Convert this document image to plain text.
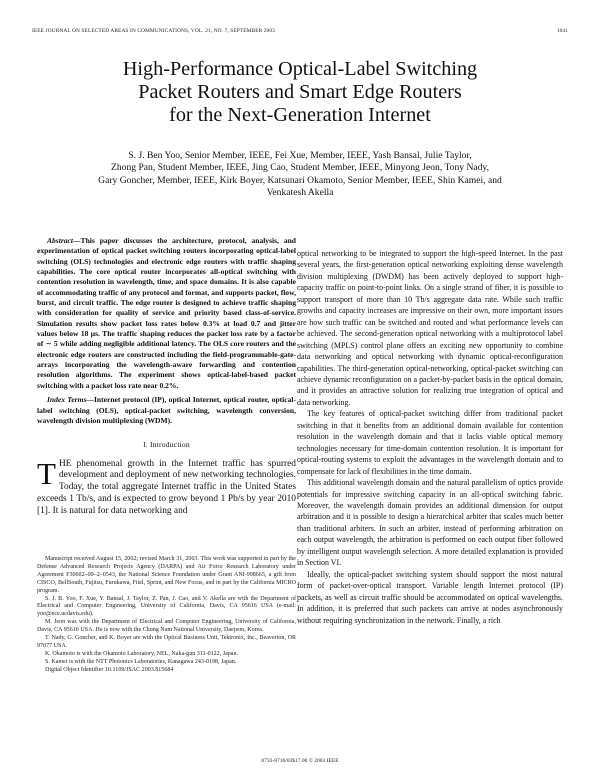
IEEE JOURNAL ON SELECTED AREAS IN COMMUNICATIONS, VOL. 21, NO. 7, SEPTEMBER 2003	1041
High-Performance Optical-Label Switching
Packet Routers and Smart Edge Routers
for the Next-Generation Internet
S. J. Ben Yoo, Senior Member, IEEE, Fei Xue, Member, IEEE, Yash Bansal, Julie Taylor,
Zhong Pan, Student Member, IEEE, Jing Cao, Student Member, IEEE, Minyong Jeon, Tony Nady,
Gary Goncher, Member, IEEE, Kirk Boyer, Katsunari Okamoto, Senior Member, IEEE, Shin Kamei, and
Venkatesh Akella

Abstract—This paper discusses the architecture, protocol, analysis, and experimentation of optical packet switching routers incorporating optical-label switching (OLS) technologies and electronic edge routers with traffic shaping capabilities. The core optical router incorporates all-optical switching with contention resolution in wavelength, time, and space domains. It is also capable of accommodating traffic of any protocol and format, and supports packet, flow, burst, and circuit traffic. The edge router is designed to achieve traffic shaping with consideration for quality of service and priority based class-of-service. Simulation results show packet loss rates below 0.3% at load 0.7 and jitter values below 18 μs. The traffic shaping reduces the packet loss rate by a factor of ∼ 5 while adding negligible additional latency. The OLS core routers and the electronic edge routers are constructed including the field-programmable-gate-arrays incorporating the wavelength-aware forwarding and contention resolution algorithms. The experiment shows optical-label-based packet switching with a packet loss rate near 0.2%.

Index Terms—Internet protocol (IP), optical Internet, optical router, optical-label switching (OLS), optical-packet switching, wavelength conversion, wavelength division multiplexing (WDM).

I. Introduction

THE phenomenal growth in the Internet traffic has spurred development and deployment of new networking technologies. Today, the total aggregate Internet traffic in the United States exceeds 1 Tb/s, and is expected to grow beyond 1 Pb/s by year 2010 [1]. It is natural for data networking and

Manuscript received August 15, 2002; revised March 31, 2003. This work was supported in part by the Defense Advanced Research Projects Agency (DARPA) and Air Force Research Laboratory under Agreement F30602–00–2–0543, the National Science Foundation under Grant ANI-998665, a gift from CISCO, BellSouth, Fujitsu, Furukawa, Fitel, Sprint, and New Focus, and in part by the California MICRO program.

S. J. B. Yoo, F. Xue, Y. Bansal, J. Taylor, Z. Pan, J. Cao, and V. Akella are with the Department of Electrical and Computer Engineering, University of California, Davis, CA 95616 USA (e-mail: yoo@ece.ucdavis.edu).

M. Jeon was with the Department of Electrical and Computer Engineering, University of California, Davis, CA 95616 USA. He is now with the Chung Nam National University, Daejeon, Korea.

T. Nady, G. Goncher, and K. Boyer are with the Optical Business Unit, Tektronix, Inc., Beaverton, OR 97077 USA.

K. Okamoto is with the Okamoto Laboratory, NEL, Naka-gun 311-0122, Japan.

S. Kamei is with the NTT Photonics Laboratories, Kanagawa 243-0198, Japan.

Digital Object Identifier 10.1109/JSAC.2003.815684

optical networking to be integrated to support the high-speed Internet. In the past several years, the first-generation optical networking exploiting dense wavelength division multiplexing (DWDM) has been actively deployed to support high-capacity traffic on point-to-point links. On a single strand of fiber, it is possible to support transport of more than 10 Tb/s aggregate data rate. While such traffic growths and capacity increases are impressive on their own, more important issues are how such traffic can be switched and routed and what performance levels can be achieved. The second-generation optical networking with a multiprotocol label switching (MPLS) control plane offers an exciting new opportunity to combine data networking and optical networking with dynamic optical-reconfiguration capabilities. The third-generation optical-networking, optical-packet switching can achieve dynamic reconfiguration on a packet-by-packet basis in the optical domain, and it provides an attractive solution for realizing true integration of optical and data networking.

The key features of optical-packet switching differ from traditional packet switching in that it benefits from an additional domain available for contention resolution in the wavelength domain and that it lacks viable optical memory technologies necessary for time-domain contention resolution. It is important for optical-routing systems to exploit the advantages in the wavelength domain and to compensate for lack of flexibilities in the time domain.

This additional wavelength domain and the natural parallelism of optics provide potentials for impressive switching capacity in an all-optical switching fabric. Moreover, the wavelength domain provides an additional dimension for output arbitration and it is possible to design a hierarchical arbiter that scales much better than traditional arbiters. In such an arbiter, instead of performing arbitration on each output wavelength, the arbitration is performed on each output fiber followed by intelligent output wavelength selection. A more detailed explanation is provided in Section VI.

Ideally, the optical-packet switching system should support the most natural form of packet-over-optical transport. Variable length Internet protocol (IP) packets, as well as circuit traffic should be accommodated on optical wavelengths. In addition, it is preferred that such packets can arrive at nodes asynchronously without requiring synchronization in the network. Finally, a rich

0733-8716/03$17.00 © 2003 IEEE
